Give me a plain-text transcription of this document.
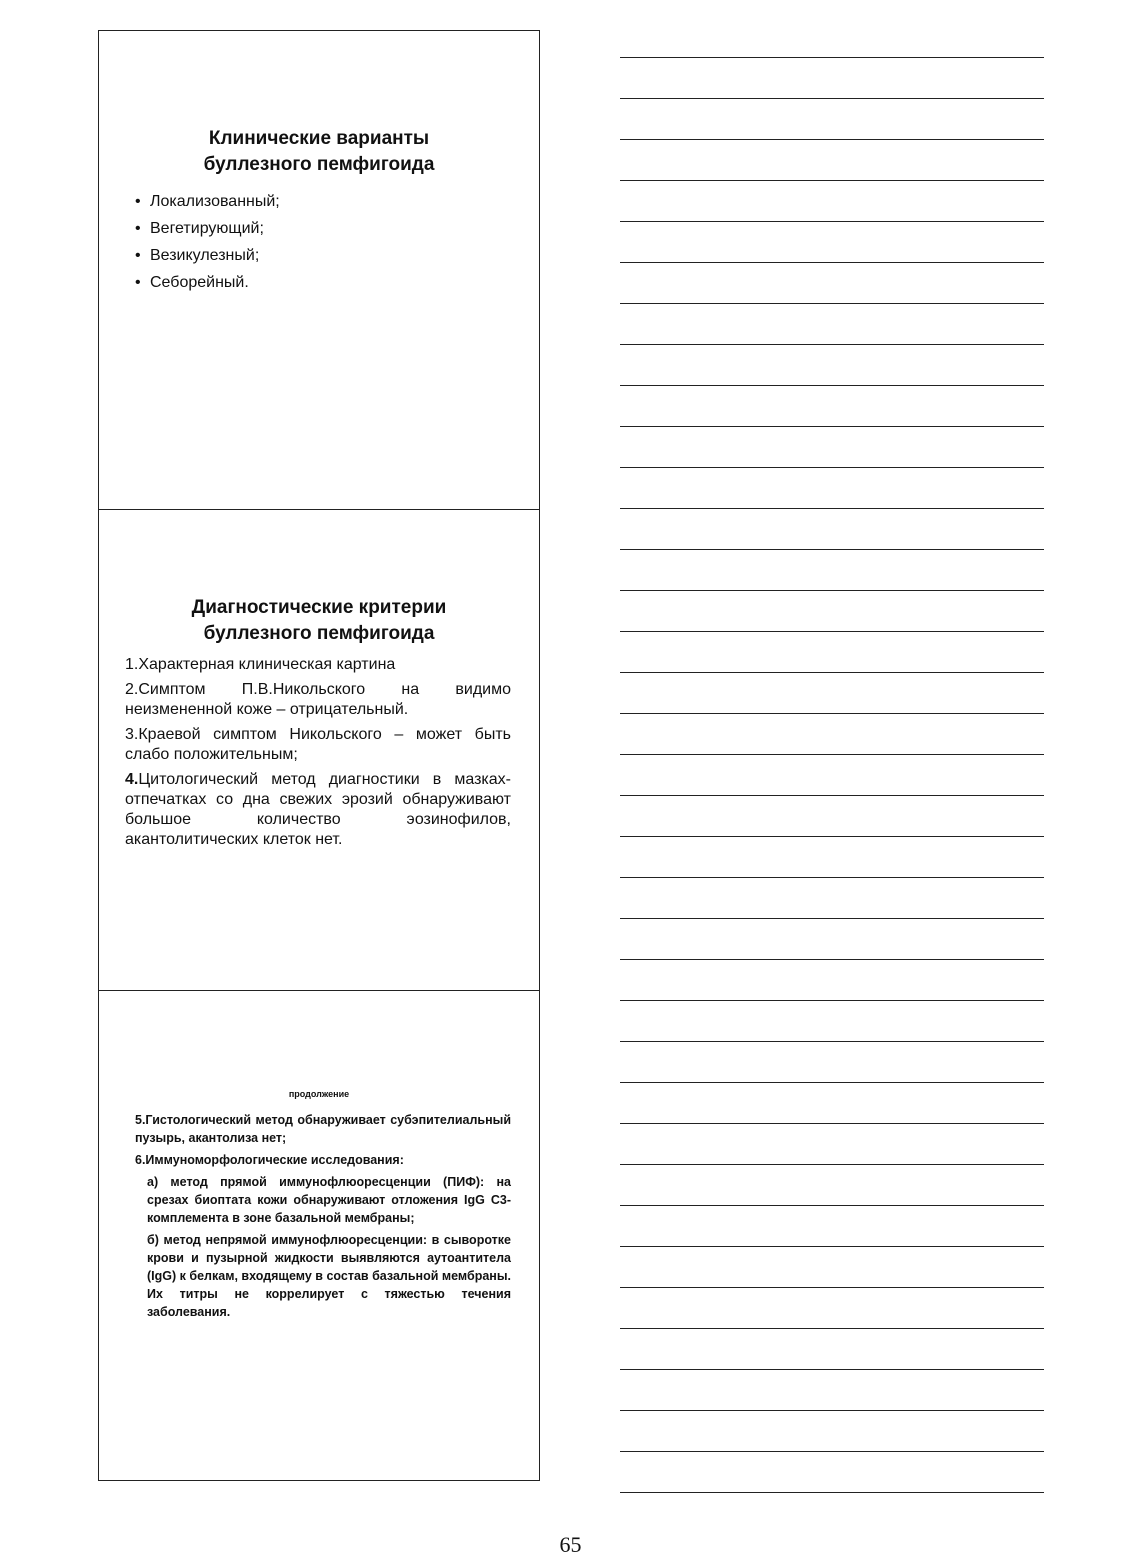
Клинические варианты
буллезного пемфигоида
• Локализованный;
• Вегетирующий;
• Везикулезный;
• Себорейный.
Диагностические критерии
буллезного пемфигоида
1.Характерная клиническая картина
2.Симптом П.В.Никольского на видимо неизмененной коже – отрицательный.
3.Краевой симптом Никольского – может быть слабо положительным;
4.Цитологический метод диагностики в мазках-отпечатках со дна свежих эрозий обнаруживают большое количество эозинофилов, акантолитических клеток нет.
продолжение

5.Гистологический метод обнаруживает субэпителиальный пузырь, акантолиза нет;

6.Иммуноморфологические исследования:

а) метод прямой иммунофлюоресценции (ПИФ): на срезах биоптата кожи обнаруживают отложения IgG C3-комплемента в зоне базальной мембраны;

б) метод непрямой иммунофлюоресценции: в сыворотке крови и пузырной жидкости выявляются аутоантитела (IgG) к белкам, входящему в состав базальной мембраны. Их титры не коррелирует с тяжестью течения заболевания.

65
